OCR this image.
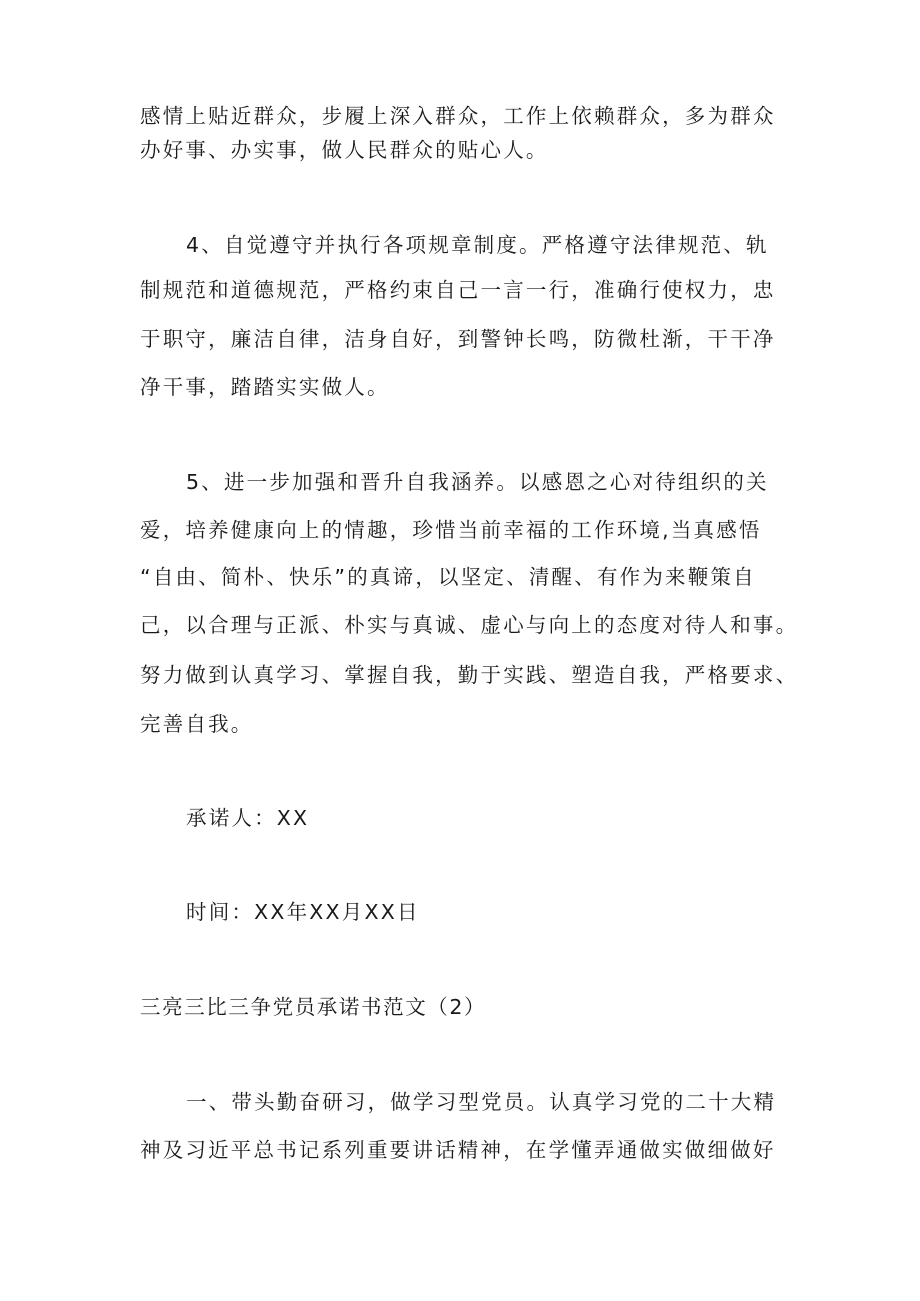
感情上贴近群众，步履上深入群众，工作上依赖群众，多为群众
办好事、办实事，做人民群众的贴心人。
4、自觉遵守并执行各项规章制度。严格遵守法律规范、轨
制规范和道德规范，严格约束自己一言一行，准确行使权力，忠
于职守，廉洁自律，洁身自好，到警钟长鸣，防微杜渐，干干净
净干事，踏踏实实做人。
5、进一步加强和晋升自我涵养。以感恩之心对待组织的关
爱，培养健康向上的情趣，珍惜当前幸福的工作环境,当真感悟
“自由、简朴、快乐”的真谛，以坚定、清醒、有作为来鞭策自
己，以合理与正派、朴实与真诚、虚心与向上的态度对待人和事。
努力做到认真学习、掌握自我，勤于实践、塑造自我，严格要求、
完善自我。
承诺人：XX
时间：XX年XX月XX日
三亮三比三争党员承诺书范文（2）
一、带头勤奋研习，做学习型党员。认真学习党的二十大精
神及习近平总书记系列重要讲话精神，在学懂弄通做实做细做好
